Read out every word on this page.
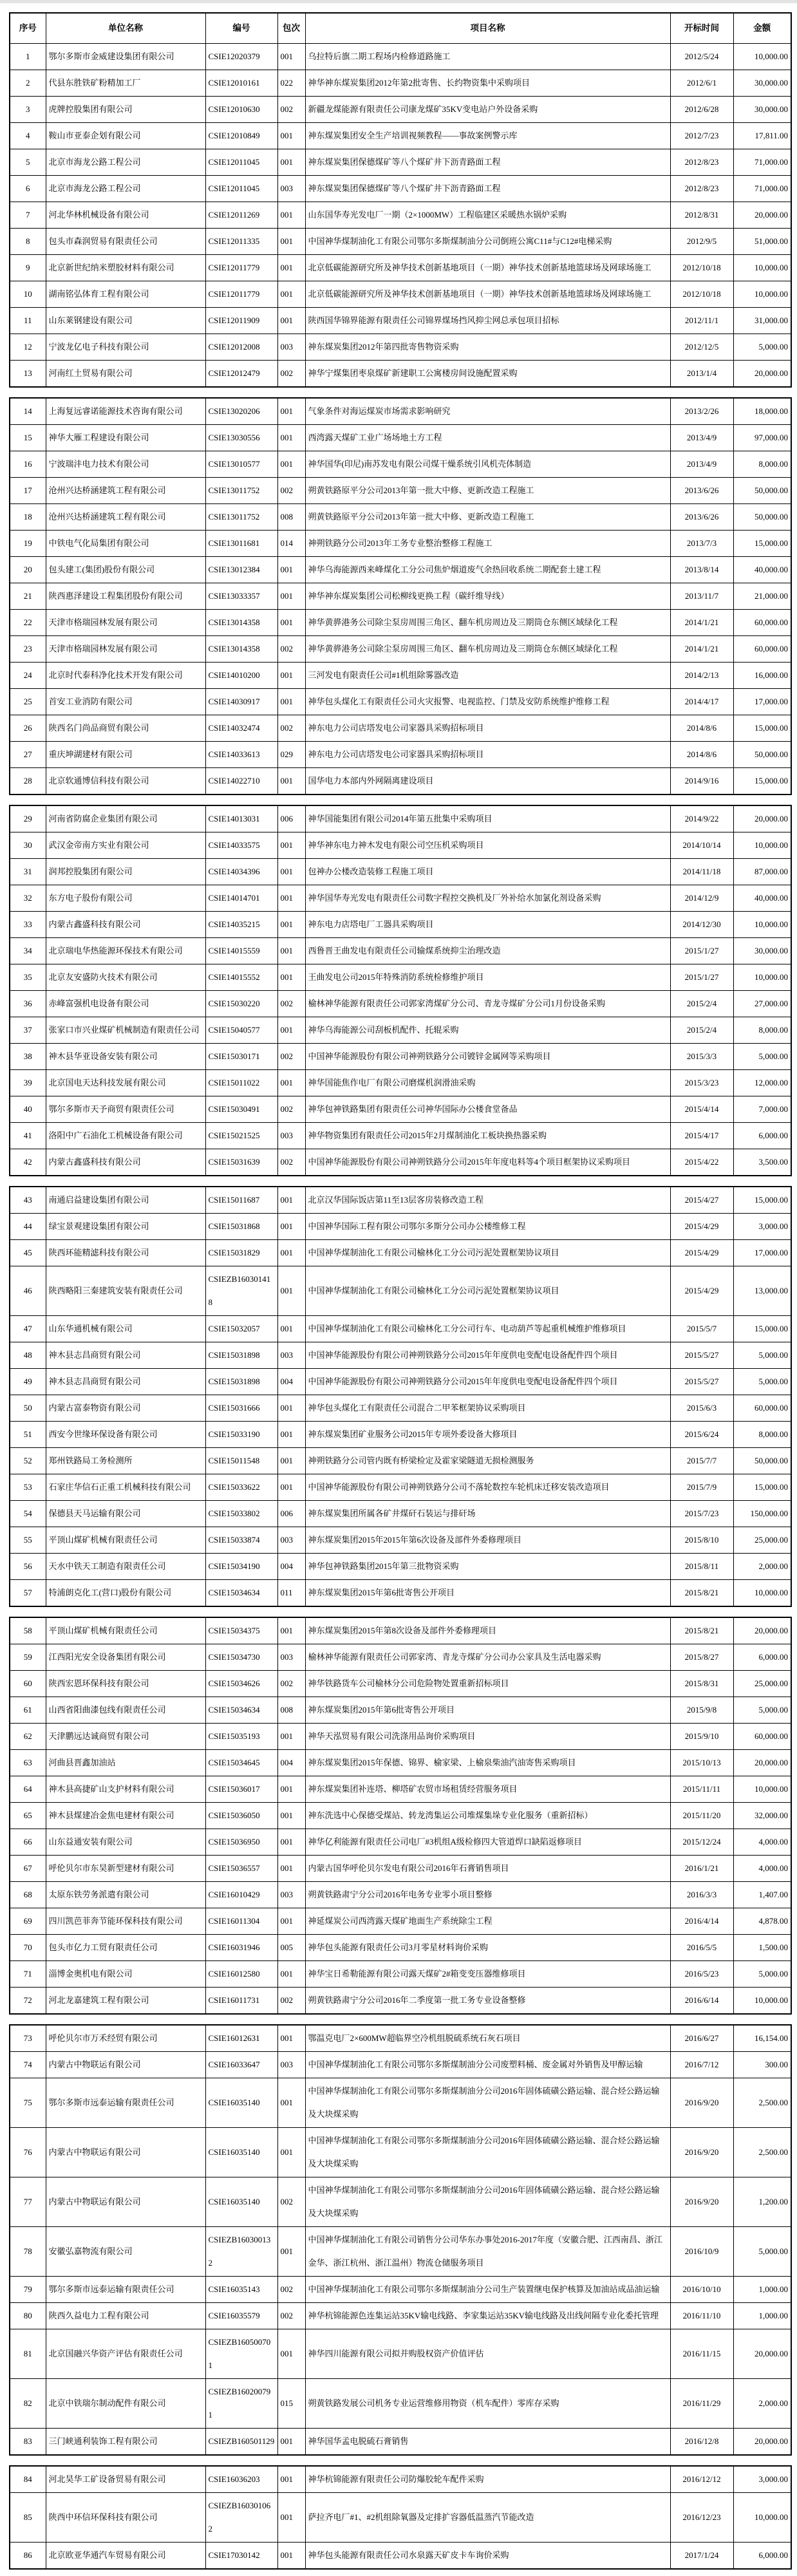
序号	单位名称	编号	包次	项目名称	开标时间	金额
1	鄂尔多斯市金威建设集团有限公司	CSIE12020379	001	乌拉特后旗二期工程场内检修道路施工	2012/5/24	10,000.00
2	代县东胜铁矿粉精加工厂	CSIE12010161	022	神华神东煤炭集团2012年第2批寄售、长约物资集中采购项目	2012/6/1	30,000.00
3	虎牌控股集团有限公司	CSIE12010630	002	新疆龙煤能源有限责任公司康龙煤矿35KV变电站户外设备采购	2012/6/28	30,000.00
4	鞍山市亚泰企划有限公司	CSIE12010849	001	神东煤炭集团安全生产培训视频教程——事故案例警示库	2012/7/23	17,811.00
5	北京市海龙公路工程公司	CSIE12011045	001	神东煤炭集团保德煤矿等八个煤矿井下沥青路面工程	2012/8/23	71,000.00
6	北京市海龙公路工程公司	CSIE12011045	003	神东煤炭集团保德煤矿等八个煤矿井下沥青路面工程	2012/8/23	71,000.00
7	河北华林机械设备有限公司	CSIE12011269	001	山东国华寿光发电厂一期（2×1000MW）工程临建区采暖热水锅炉采购	2012/8/31	20,000.00
8	包头市森润贸易有限责任公司	CSIE12011335	001	中国神华煤制油化工有限公司鄂尔多斯煤制油分公司倒班公寓C11#与C12#电梯采购	2012/9/5	51,000.00
9	北京新世纪纳米塑胶材料有限公司	CSIE12011779	001	北京低碳能源研究所及神华技术创新基地项目（一期）神华技术创新基地篮球场及网球场施工	2012/10/18	10,000.00
10	湖南铭弘体育工程有限公司	CSIE12011779	001	北京低碳能源研究所及神华技术创新基地项目（一期）神华技术创新基地篮球场及网球场施工	2012/10/18	10,000.00
11	山东莱钢建设有限公司	CSIE12011909	001	陕西国华锦界能源有限责任公司锦界煤场挡风抑尘网总承包项目招标	2012/11/1	31,000.00
12	宁波龙亿电子科技有限公司	CSIE12012008	003	神东煤炭集团2012年第四批寄售物资采购	2012/12/5	5,000.00
13	河南红土贸易有限公司	CSIE12012479	002	神华宁煤集团枣泉煤矿新建职工公寓楼房间设施配置采购	2013/1/4	20,000.00
14	上海复远睿诺能源技术咨询有限公司	CSIE13020206	001	气象条件对海运煤炭市场需求影响研究	2013/2/26	18,000.00
15	神华大雁工程建设有限公司	CSIE13030556	001	西湾露天煤矿工业广场场地土方工程	2013/4/9	97,000.00
16	宁波瑞沣电力技术有限公司	CSIE13010577	001	神华国华(印尼)南苏发电有限公司煤干燥系统引风机壳体制造	2013/4/9	8,000.00
17	沧州兴达桥涵建筑工程有限公司	CSIE13011752	002	朔黄铁路原平分公司2013年第一批大中修、更新改造工程施工	2013/6/26	50,000.00
18	沧州兴达桥涵建筑工程有限公司	CSIE13011752	008	朔黄铁路原平分公司2013年第一批大中修、更新改造工程施工	2013/6/26	50,000.00
19	中铁电气化局集团有限公司	CSIE13011681	014	神朔铁路分公司2013年工务专业整治整修工程施工	2013/7/3	15,000.00
20	包头建工(集团)股份有限公司	CSIE13012384	001	神华乌海能源西来峰煤化工分公司焦炉烟道废气余热回收系统二期配套土建工程	2013/8/14	40,000.00
21	陕西惠泽建设工程集团股份有限公司	CSIE13033357	001	神华神东煤炭集团公司松柳线更换工程（碳纤维导线）	2013/11/7	21,000.00
22	天津市格瑞园林发展有限公司	CSIE13014358	001	神华黄骅港务公司除尘泵房周围三角区、翻车机房周边及三期筒仓东侧区域绿化工程	2014/1/21	60,000.00
23	天津市格瑞园林发展有限公司	CSIE13014358	002	神华黄骅港务公司除尘泵房周围三角区、翻车机房周边及三期筒仓东侧区域绿化工程	2014/1/21	60,000.00
24	北京时代泰科净化技术开发有限公司	CSIE14010200	001	三河发电有限责任公司#1机组除雾器改造	2014/2/13	16,000.00
25	首安工业消防有限公司	CSIE14030917	001	神华包头煤化工有限责任公司火灾报警、电视监控、门禁及安防系统维护维修工程	2014/4/17	17,000.00
26	陕西名门尚品商贸有限公司	CSIE14032474	002	神东电力公司店塔发电公司家器具采购招标项目	2014/8/6	15,000.00
27	重庆坤湖建材有限公司	CSIE14033613	029	神东电力公司店塔发电公司家器具采购招标项目	2014/8/6	50,000.00
28	北京软通博信科技有限公司	CSIE14022710	001	国华电力本部内外网隔离建设项目	2014/9/16	15,000.00
29	河南省防腐企业集团有限公司	CSIE14013031	006	神华国能集团有限公司2014年第五批集中采购项目	2014/9/22	20,000.00
30	武汉金帝南方实业有限公司	CSIE14033575	001	神华神东电力神木发电有限公司空压机采购项目	2014/10/14	10,000.00
31	润邦控股集团有限公司	CSIE14034396	001	包神办公楼改造装修工程施工项目	2014/11/18	87,000.00
32	东方电子股份有限公司	CSIE14014701	001	神华国华寿光发电有限责任公司数字程控交换机及厂外补给水加氯化剂设备采购	2014/12/9	40,000.00
33	内蒙古鑫盛科技有限公司	CSIE14035215	001	神东电力店塔电厂工器具采购项目	2014/12/30	10,000.00
34	北京瑞电华热能源环保技术有限公司	CSIE14015559	001	西鲁晋王曲发电有限责任公司输煤系统抑尘治理改造	2015/1/27	30,000.00
35	北京友安盛防火技术有限公司	CSIE14015552	001	王曲发电公司2015年特殊消防系统检修维护项目	2015/1/27	10,000.00
36	赤峰富强机电设备有限公司	CSIE15030220	002	榆林神华能源有限责任公司郭家湾煤矿分公司、青龙寺煤矿分公司1月份设备采购	2015/2/4	27,000.00
37	张家口市兴业煤矿机械制造有限责任公司	CSIE15040577	001	神华乌海能源公司刮板机配件、托辊采购	2015/2/4	8,000.00
38	神木县华亚设备安装有限公司	CSIE15030171	002	中国神华能源股份有限公司神朔铁路分公司镀锌金属网等采购项目	2015/3/3	5,000.00
39	北京国电天达科技发展有限公司	CSIE15011022	001	神华国能焦作电厂有限公司磨煤机润滑油采购	2015/3/23	12,000.00
40	鄂尔多斯市天予商贸有限责任公司	CSIE15030491	002	神华包神铁路集团有限责任公司神华国际办公楼食堂备品	2015/4/14	7,000.00
41	洛阳中广石油化工机械设备有限公司	CSIE15021525	003	神华物资集团有限责任公司2015年2月煤制油化工板块换热器采购	2015/4/17	6,000.00
42	内蒙古鑫盛科技有限公司	CSIE15031639	002	中国神华能源股份有限公司神朔铁路分公司2015年年度电料等4个项目框架协议采购项目	2015/4/22	3,500.00
43	南通启益建设集团有限公司	CSIE15011687	001	北京汉华国际饭店第11至13层客房装修改造工程	2015/4/27	15,000.00
44	绿宝景观建设集团有限公司	CSIE15031868	001	中国神华国际工程有限公司鄂尔多斯分公司办公楼维修工程	2015/4/29	3,000.00
45	陕西环能精滤科技有限公司	CSIE15031829	001	中国神华煤制油化工有限公司榆林化工分公司污泥处置框架协议项目	2015/4/29	17,000.00
46	陕西略阳三秦建筑安装有限责任公司	CSIEZB160301418	001	中国神华煤制油化工有限公司榆林化工分公司污泥处置框架协议项目	2015/4/29	13,000.00
47	山东华通机械有限公司	CSIE15032057	001	中国神华煤制油化工有限公司榆林化工分公司行车、电动葫芦等起重机械维护维修项目	2015/5/7	15,000.00
48	神木县志昌商贸有限公司	CSIE15031898	003	中国神华能源股份有限公司神朔铁路分公司2015年年度供电变配电设备配件四个项目	2015/5/27	5,000.00
49	神木县志昌商贸有限公司	CSIE15031898	004	中国神华能源股份有限公司神朔铁路分公司2015年年度供电变配电设备配件四个项目	2015/5/27	5,000.00
50	内蒙古富泰物资有限公司	CSIE15031666	001	神华包头煤化工有限责任公司混合二甲苯框架协议采购项目	2015/6/3	60,000.00
51	西安今世缘环保设备有限公司	CSIE15033190	001	神东煤炭集团矿业服务公司2015年专项外委设备大修项目	2015/6/24	8,000.00
52	郑州铁路局工务检测所	CSIE15011548	001	神朔铁路分公司管内既有桥梁检定及霍家梁隧道无损检测服务	2015/7/7	50,000.00
53	石家庄华信石正重工机械科技有限公司	CSIE15033622	001	中国神华能源股份有限公司神朔铁路分公司不落轮数控车轮机床迁移安装改造项目	2015/7/9	15,000.00
54	保德县天马运输有限公司	CSIE15033802	006	神东煤炭集团所属各矿井煤矸石装运与排矸场	2015/7/23	150,000.00
55	平顶山煤矿机械有限责任公司	CSIE15033874	003	神东煤炭集团2015年2015年第6次设备及部件外委修理项目	2015/8/10	25,000.00
56	天水中铁天工制造有限责任公司	CSIE15034190	004	神华包神铁路集团2015年第三批物资采购	2015/8/11	2,000.00
57	特浦朗克化工(营口)股份有限公司	CSIE15034634	011	神东煤炭集团2015年第6批寄售公开项目	2015/8/21	10,000.00
58	平顶山煤矿机械有限责任公司	CSIE15034375	001	神东煤炭集团2015年第8次设备及部件外委修理项目	2015/8/21	20,000.00
59	江西阳光安全设备集团有限公司	CSIE15034730	003	榆林神华能源有限责任公司郭家湾、青龙寺煤矿分公司办公家具及生活电器采购	2015/8/27	6,000.00
60	陕西宏恩环保科技有限公司	CSIE15034626	002	神华铁路货车公司榆林分公司危险物处置重新招标项目	2015/8/31	25,000.00
61	山西省阳曲漆包线有限责任公司	CSIE15034634	008	神东煤炭集团2015年第6批寄售公开项目	2015/9/8	5,000.00
62	天津鹏远达诚商贸有限公司	CSIE15035193	001	神华天泓贸易有限公司洗涤用品询价采购项目	2015/9/10	60,000.00
63	河曲县晋鑫加油站	CSIE15034645	004	神东煤炭集团2015年保德、锦界、榆家梁、上榆泉柴油汽油寄售采购项目	2015/10/13	20,000.00
64	神木县高捷矿山支护材料有限公司	CSIE15036017	001	神东煤炭集团补连塔、柳塔矿农贸市场租赁经营服务项目	2015/11/11	10,000.00
65	神木县煤建冶金焦电建材有限公司	CSIE15036050	001	神东洗选中心保德受煤站、转龙湾集运公司堆煤集垛专业化服务（重新招标）	2015/11/20	32,000.00
66	山东益通安装有限公司	CSIE15036950	001	神华亿利能源有限责任公司电厂#3机组A级检修四大管道焊口缺陷返修项目	2015/12/24	4,000.00
67	呼伦贝尔市东昊新型建材有限公司	CSIE15036557	001	内蒙古国华呼伦贝尔发电有限公司2016年石膏销售项目	2016/1/21	4,000.00
68	太原东铁劳务派遣有限公司	CSIE16010429	003	朔黄铁路肃宁分公司2016年电务专业零小项目整修	2016/3/3	1,407.00
69	四川凯芭菲奔节能环保科技有限公司	CSIE16011304	001	神延煤炭公司西湾露天煤矿地面生产系统除尘工程	2016/4/14	4,878.00
70	包头市亿力工贸有限责任公司	CSIE16031946	005	神华包头能源有限责任公司3月零星材料询价采购	2016/5/5	1,500.00
71	淄博金奥机电有限公司	CSIE16012580	001	神华宝日希勒能源有限公司露天煤矿2#箱变变压器维修项目	2016/5/23	5,000.00
72	河北龙嘉建筑工程有限公司	CSIE16011731	002	朔黄铁路肃宁分公司2016年二季度第一批工务专业设备整修	2016/6/14	10,000.00
73	呼伦贝尔市万禾经贸有限公司	CSIE16012631	001	鄂温克电厂2×600MW超临界空冷机组脱硫系统石灰石项目	2016/6/27	16,154.00
74	内蒙古中物联运有限公司	CSIE16033647	003	中国神华煤制油化工有限公司鄂尔多斯煤制油分公司废塑料桶、废金属对外销售及甲醇运输	2016/7/12	300.00
75	鄂尔多斯市远泰运输有限责任公司	CSIE16035140	001	中国神华煤制油化工有限公司鄂尔多斯煤制油分公司2016年固体硫磺公路运输、混合烃公路运输及大块煤采购	2016/9/20	2,500.00
76	内蒙古中物联运有限公司	CSIE16035140	001	中国神华煤制油化工有限公司鄂尔多斯煤制油分公司2016年固体硫磺公路运输、混合烃公路运输及大块煤采购	2016/9/20	2,500.00
77	内蒙古中物联运有限公司	CSIE16035140	002	中国神华煤制油化工有限公司鄂尔多斯煤制油分公司2016年固体硫磺公路运输、混合烃公路运输及大块煤采购	2016/9/20	1,200.00
78	安徽弘嘉物流有限公司	CSIEZB160300132	001	中国神华煤制油化工有限公司销售分公司华东办事处2016-2017年度（安徽合肥、江西南昌、浙江金华、浙江杭州、浙江温州）物流仓储服务项目	2016/10/9	5,000.00
79	鄂尔多斯市远泰运输有限责任公司	CSIE16035143	002	中国神华煤制油化工有限公司鄂尔多斯煤制油分公司生产装置继电保护核算及加油站成品油运输	2016/10/10	1,000.00
80	陕西久益电力工程有限公司	CSIE16035579	002	神华杭锦能源色连集运站35KV输电线路、李家集运站35KV输电线路及出线间隔专业化委托管理	2016/11/10	1,000.00
81	北京国融兴华资产评估有限责任公司	CSIEZB160500701	001	神华四川能源有限公司拟并购股权资产价值评估	2016/11/15	20,000.00
82	北京中铁瑞尔制动配件有限公司	CSIEZB160200791	015	朔黄铁路发展公司机务专业运营维修用物资（机车配件）零库存采购	2016/11/29	2,000.00
83	三门峡通利装饰工程有限公司	CSIEZB160501129	001	神华国华孟电脱硫石膏销售	2016/12/8	20,000.00
84	河北昊华工矿设备贸易有限公司	CSIE16036203	001	神华杭锦能源有限责任公司防爆胶轮车配件采购	2016/12/12	3,000.00
85	陕西中环信环保科技有限公司	CSIEZB160301062	001	萨拉齐电厂#1、#2机组除氧器及定排扩容器低温蒸汽节能改造	2016/12/23	10,000.00
86	北京欧亚华通汽车贸易有限公司	CSIE17030142	001	神华包头能源有限责任公司水泉露天矿皮卡车询价采购	2017/1/24	6,000.00
